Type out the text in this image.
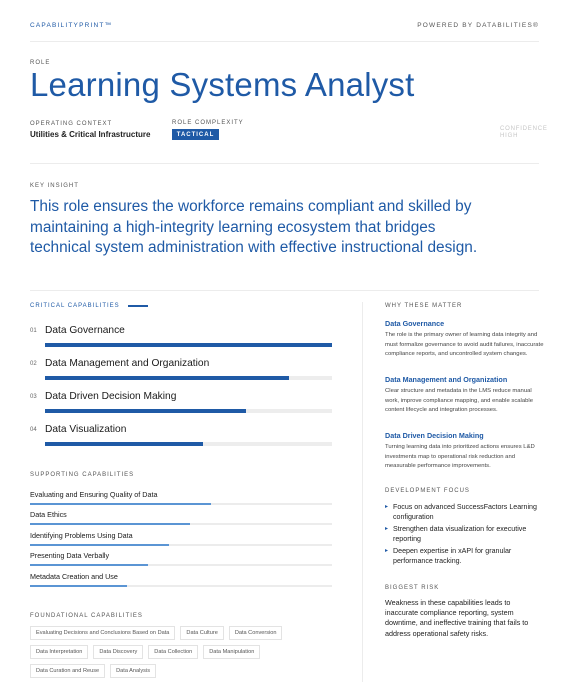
CAPABILITYPRINT™	POWERED BY DATABILITIES®
ROLE
Learning Systems Analyst
OPERATING CONTEXT
Utilities & Critical Infrastructure
ROLE COMPLEXITY
TACTICAL
CONFIDENCE
HIGH
KEY INSIGHT
This role ensures the workforce remains compliant and skilled by maintaining a high-integrity learning ecosystem that bridges technical system administration with effective instructional design.
CRITICAL CAPABILITIES
01 Data Governance
02 Data Management and Organization
03 Data Driven Decision Making
04 Data Visualization
SUPPORTING CAPABILITIES
Evaluating and Ensuring Quality of Data
Data Ethics
Identifying Problems Using Data
Presenting Data Verbally
Metadata Creation and Use
FOUNDATIONAL CAPABILITIES
Evaluating Decisions and Conclusions Based on Data	Data Culture	Data Conversion
Data Interpretation	Data Discovery	Data Collection	Data Manipulation
Data Curation and Reuse	Data Analysis
WHY THESE MATTER
Data Governance
The role is the primary owner of learning data integrity and must formalize governance to avoid audit failures, inaccurate compliance reports, and uncontrolled system changes.
Data Management and Organization
Clear structure and metadata in the LMS reduce manual work, improve compliance mapping, and enable scalable content lifecycle and integration processes.
Data Driven Decision Making
Turning learning data into prioritized actions ensures L&D investments map to operational risk reduction and measurable performance improvements.
DEVELOPMENT FOCUS
▸ Focus on advanced SuccessFactors Learning configuration
▸ Strengthen data visualization for executive reporting
▸ Deepen expertise in xAPI for granular performance tracking.
BIGGEST RISK
Weakness in these capabilities leads to inaccurate compliance reporting, system downtime, and ineffective training that fails to address operational safety risks.
